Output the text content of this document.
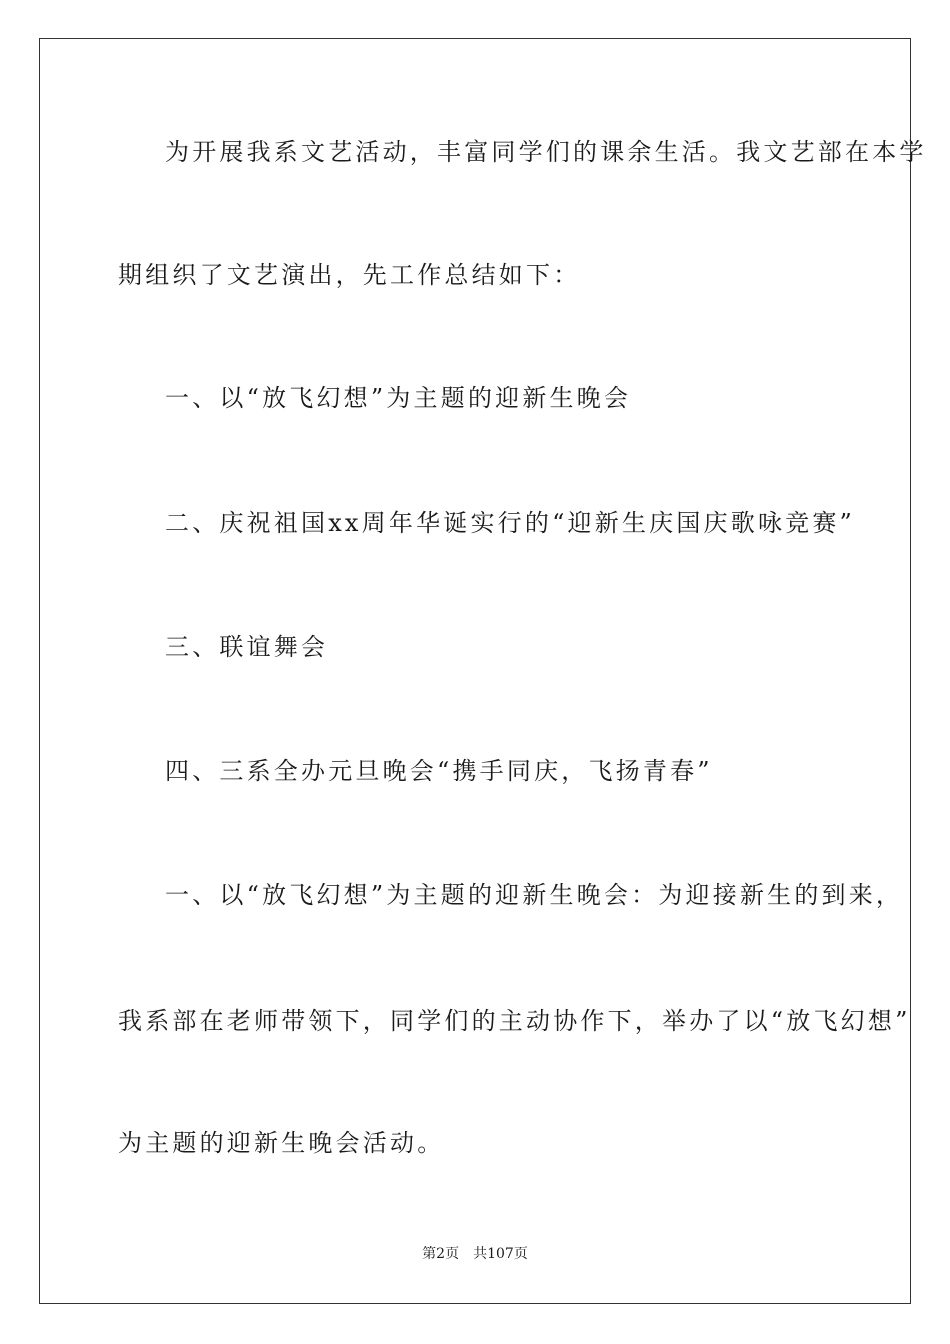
为开展我系文艺活动，丰富同学们的课余生活。我文艺部在本学
期组织了文艺演出，先工作总结如下：
一、以“放飞幻想”为主题的迎新生晚会
二、庆祝祖国xx周年华诞实行的“迎新生庆国庆歌咏竞赛”
三、联谊舞会
四、三系全办元旦晚会“携手同庆，飞扬青春”
一、以“放飞幻想”为主题的迎新生晚会：为迎接新生的到来，
我系部在老师带领下，同学们的主动协作下，举办了以“放飞幻想”
为主题的迎新生晚会活动。
第2页 共107页
